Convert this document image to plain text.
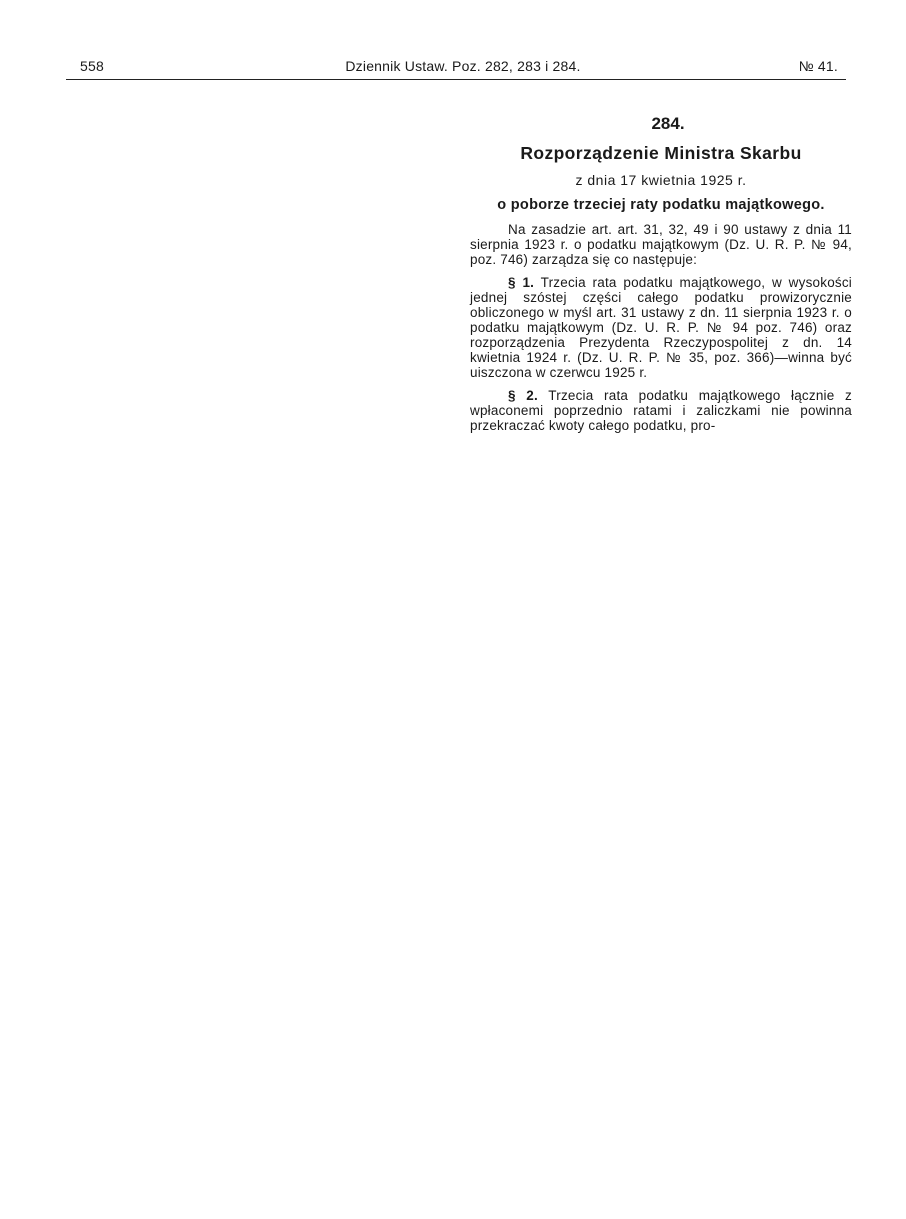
558	Dziennik Ustaw. Poz. 282, 283 i 284.	№ 41.
284.
Rozporządzenie Ministra Skarbu
z dnia 17 kwietnia 1925 r.
o poborze trzeciej raty podatku majątkowego.

Na zasadzie art. art. 31, 32, 49 i 90 ustawy z dnia 11 sierpnia 1923 r. o podatku majątkowym (Dz. U. R. P. № 94, poz. 746) zarządza się co następuje:

§ 1. Trzecia rata podatku majątkowego, w wysokości jednej szóstej części całego podatku prowizorycznie obliczonego w myśl art. 31 ustawy z dn. 11 sierpnia 1923 r. o podatku majątkowym (Dz. U. R. P. № 94 poz. 746) oraz rozporządzenia Prezydenta Rzeczypospolitej z dn. 14 kwietnia 1924 r. (Dz. U. R. P. № 35, poz. 366)—winna być uiszczona w czerwcu 1925 r.

§ 2. Trzecia rata podatku majątkowego łącznie z wpłaconemi poprzednio ratami i zaliczkami nie powinna przekraczać kwoty całego podatku, pro-
